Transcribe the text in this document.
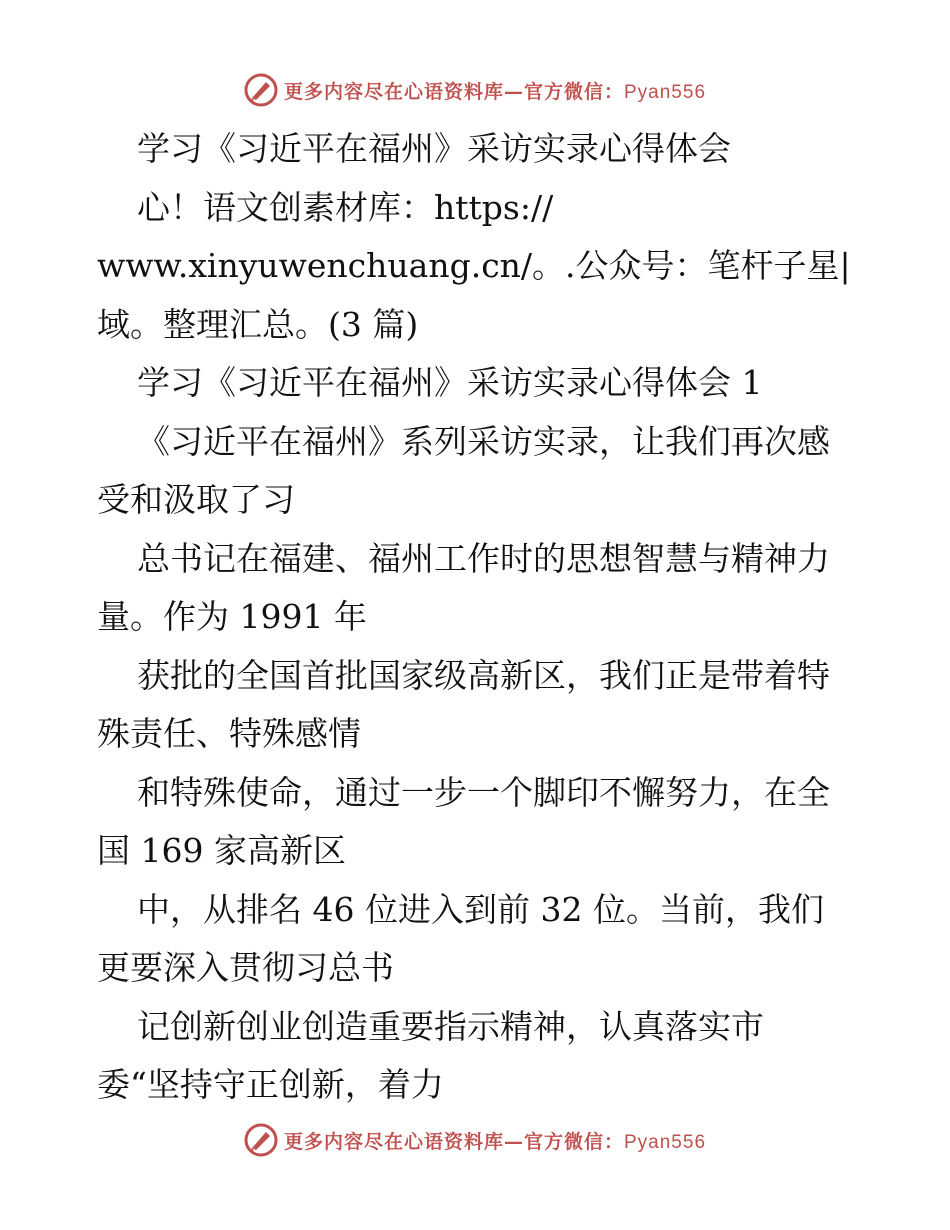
更多内容尽在心语资料库—官方微信：Pyan556
学习《习近平在福州》采访实录心得体会
心！语文创素材库：https://
www.xinyuwenchuang.cn/。.公众号：笔杆子星|
域。整理汇总。(3 篇)
学习《习近平在福州》采访实录心得体会 1
《习近平在福州》系列采访实录，让我们再次感
受和汲取了习
总书记在福建、福州工作时的思想智慧与精神力
量。作为 1991 年
获批的全国首批国家级高新区，我们正是带着特
殊责任、特殊感情
和特殊使命，通过一步一个脚印不懈努力，在全
国 169 家高新区
中，从排名 46 位进入到前 32 位。当前，我们
更要深入贯彻习总书
记创新创业创造重要指示精神，认真落实市
委“坚持守正创新，着力
更多内容尽在心语资料库—官方微信：Pyan556
